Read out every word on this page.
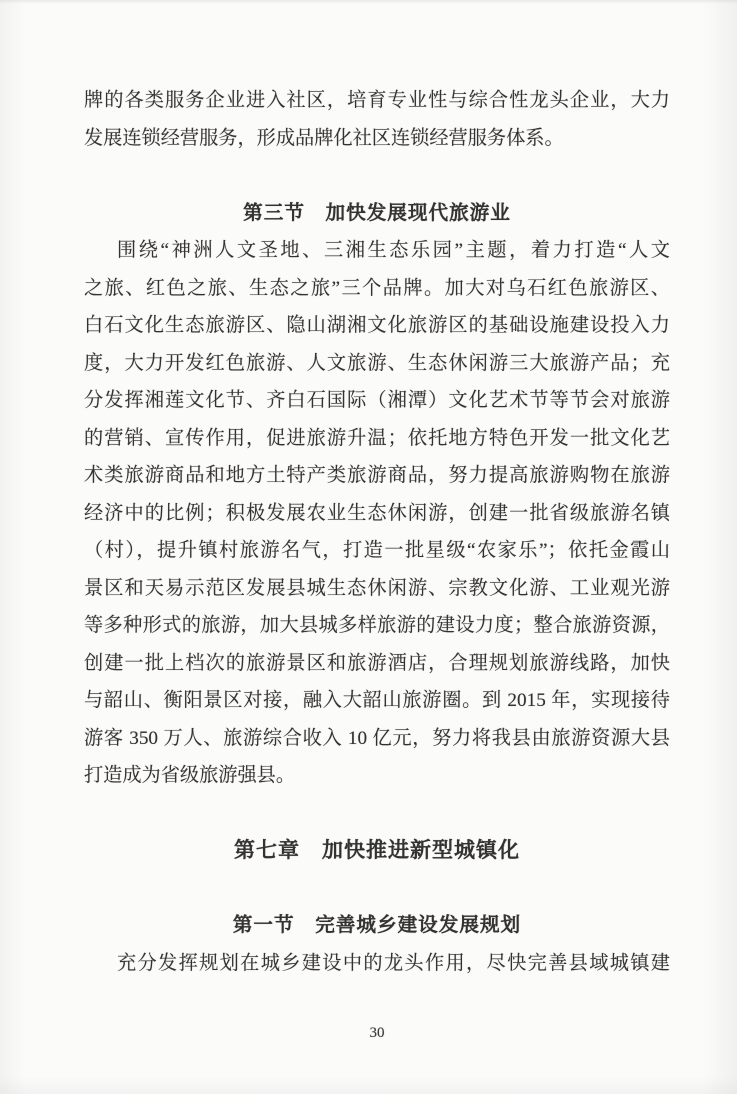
牌的各类服务企业进入社区，培育专业性与综合性龙头企业，大力
发展连锁经营服务，形成品牌化社区连锁经营服务体系。
第三节　加快发展现代旅游业
围绕“神洲人文圣地、三湘生态乐园”主题，着力打造“人文
之旅、红色之旅、生态之旅”三个品牌。加大对乌石红色旅游区、
白石文化生态旅游区、隐山湖湘文化旅游区的基础设施建设投入力
度，大力开发红色旅游、人文旅游、生态休闲游三大旅游产品；充
分发挥湘莲文化节、齐白石国际（湘潭）文化艺术节等节会对旅游
的营销、宣传作用，促进旅游升温；依托地方特色开发一批文化艺
术类旅游商品和地方土特产类旅游商品，努力提高旅游购物在旅游
经济中的比例；积极发展农业生态休闲游，创建一批省级旅游名镇
（村），提升镇村旅游名气，打造一批星级“农家乐”；依托金霞山
景区和天易示范区发展县城生态休闲游、宗教文化游、工业观光游
等多种形式的旅游，加大县城多样旅游的建设力度；整合旅游资源，
创建一批上档次的旅游景区和旅游酒店，合理规划旅游线路，加快
与韶山、衡阳景区对接，融入大韶山旅游圈。到 2015 年，实现接待
游客 350 万人、旅游综合收入 10 亿元，努力将我县由旅游资源大县
打造成为省级旅游强县。
第七章　加快推进新型城镇化
第一节　完善城乡建设发展规划
充分发挥规划在城乡建设中的龙头作用，尽快完善县域城镇建
30
